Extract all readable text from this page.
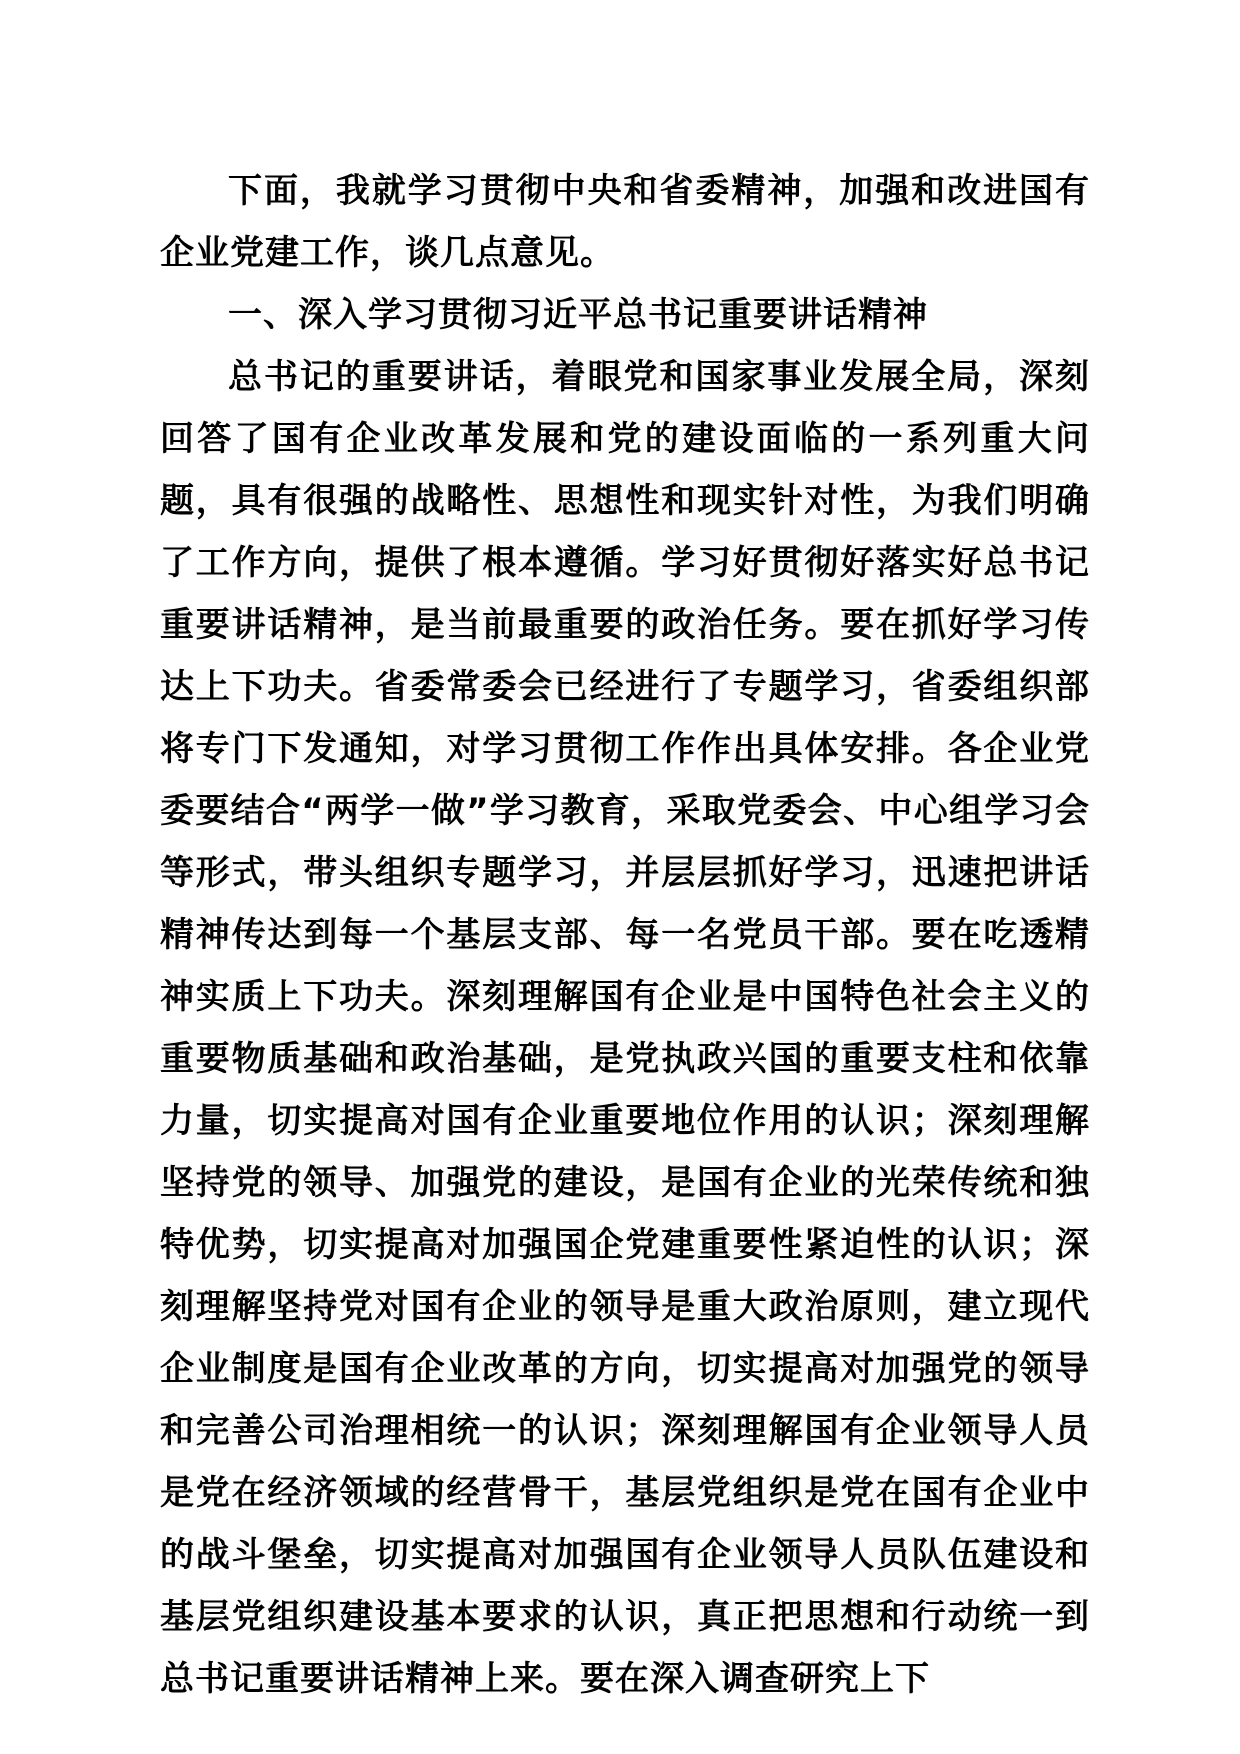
下面，我就学习贯彻中央和省委精神，加强和改进国有企业党建工作，谈几点意见。

一、深入学习贯彻习近平总书记重要讲话精神

总书记的重要讲话，着眼党和国家事业发展全局，深刻回答了国有企业改革发展和党的建设面临的一系列重大问题，具有很强的战略性、思想性和现实针对性，为我们明确了工作方向，提供了根本遵循。学习好贯彻好落实好总书记重要讲话精神，是当前最重要的政治任务。要在抓好学习传达上下功夫。省委常委会已经进行了专题学习，省委组织部将专门下发通知，对学习贯彻工作作出具体安排。各企业党委要结合“两学一做”学习教育，采取党委会、中心组学习会等形式，带头组织专题学习，并层层抓好学习，迅速把讲话精神传达到每一个基层支部、每一名党员干部。要在吃透精神实质上下功夫。深刻理解国有企业是中国特色社会主义的重要物质基础和政治基础，是党执政兴国的重要支柱和依靠力量，切实提高对国有企业重要地位作用的认识；深刻理解坚持党的领导、加强党的建设，是国有企业的光荣传统和独特优势，切实提高对加强国企党建重要性紧迫性的认识；深刻理解坚持党对国有企业的领导是重大政治原则，建立现代企业制度是国有企业改革的方向，切实提高对加强党的领导和完善公司治理相统一的认识；深刻理解国有企业领导人员是党在经济领域的经营骨干，基层党组织是党在国有企业中的战斗堡垒，切实提高对加强国有企业领导人员队伍建设和基层党组织建设基本要求的认识，真正把思想和行动统一到总书记重要讲话精神上来。要在深入调查研究上下
